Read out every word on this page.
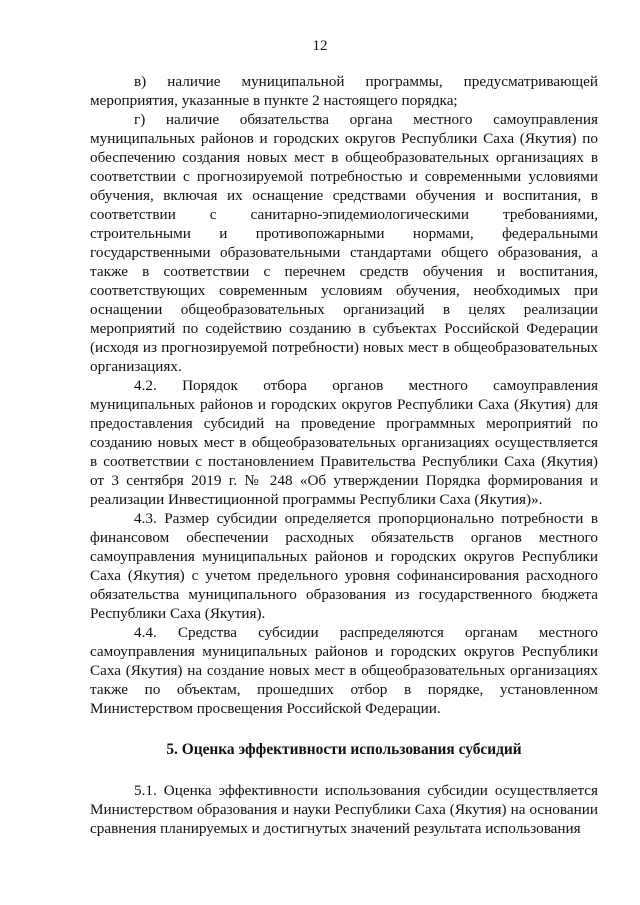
12

в) наличие муниципальной программы, предусматривающей мероприятия, указанные в пункте 2 настоящего порядка;

г) наличие обязательства органа местного самоуправления муниципальных районов и городских округов Республики Саха (Якутия) по обеспечению создания новых мест в общеобразовательных организациях в соответствии с прогнозируемой потребностью и современными условиями обучения, включая их оснащение средствами обучения и воспитания, в соответствии с санитарно-эпидемиологическими требованиями, строительными и противопожарными нормами, федеральными государственными образовательными стандартами общего образования, а также в соответствии с перечнем средств обучения и воспитания, соответствующих современным условиям обучения, необходимых при оснащении общеобразовательных организаций в целях реализации мероприятий по содействию созданию в субъектах Российской Федерации (исходя из прогнозируемой потребности) новых мест в общеобразовательных организациях.

4.2. Порядок отбора органов местного самоуправления муниципальных районов и городских округов Республики Саха (Якутия) для предоставления субсидий на проведение программных мероприятий по созданию новых мест в общеобразовательных организациях осуществляется в соответствии с постановлением Правительства Республики Саха (Якутия) от 3 сентября 2019 г. № 248 «Об утверждении Порядка формирования и реализации Инвестиционной программы Республики Саха (Якутия)».

4.3. Размер субсидии определяется пропорционально потребности в финансовом обеспечении расходных обязательств органов местного самоуправления муниципальных районов и городских округов Республики Саха (Якутия) с учетом предельного уровня софинансирования расходного обязательства муниципального образования из государственного бюджета Республики Саха (Якутия).

4.4. Средства субсидии распределяются органам местного самоуправления муниципальных районов и городских округов Республики Саха (Якутия) на создание новых мест в общеобразовательных организациях также по объектам, прошедших отбор в порядке, установленном Министерством просвещения Российской Федерации.

5. Оценка эффективности использования субсидий

5.1. Оценка эффективности использования субсидии осуществляется Министерством образования и науки Республики Саха (Якутия) на основании сравнения планируемых и достигнутых значений результата использования
